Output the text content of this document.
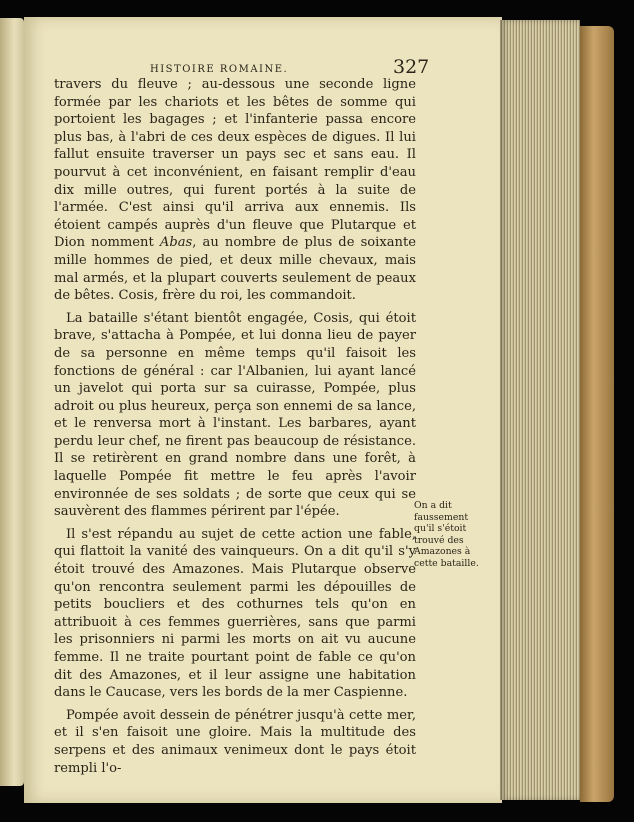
HISTOIRE ROMAINE.	327

travers du fleuve ; au-dessous une seconde ligne formée par les chariots et les bêtes de somme qui portoient les bagages ; et l'infanterie passa encore plus bas, à l'abri de ces deux espèces de digues. Il lui fallut ensuite traverser un pays sec et sans eau. Il pourvut à cet inconvénient, en faisant remplir d'eau dix mille outres, qui furent portés à la suite de l'armée. C'est ainsi qu'il arriva aux ennemis. Ils étoient campés auprès d'un fleuve que Plutarque et Dion nomment Abas, au nombre de plus de soixante mille hommes de pied, et deux mille chevaux, mais mal armés, et la plupart couverts seulement de peaux de bêtes. Cosis, frère du roi, les commandoit.

La bataille s'étant bientôt engagée, Cosis, qui étoit brave, s'attacha à Pompée, et lui donna lieu de payer de sa personne en même temps qu'il faisoit les fonctions de général : car l'Albanien, lui ayant lancé un javelot qui porta sur sa cuirasse, Pompée, plus adroit ou plus heureux, perça son ennemi de sa lance, et le renversa mort à l'instant. Les barbares, ayant perdu leur chef, ne firent pas beaucoup de résistance. Il se retirèrent en grand nombre dans une forêt, à laquelle Pompée fit mettre le feu après l'avoir environnée de ses soldats ; de sorte que ceux qui se sauvèrent des flammes périrent par l'épée.

Il s'est répandu au sujet de cette action une fable, qui flattoit la vanité des vainqueurs. On a dit qu'il s'y étoit trouvé des Amazones. Mais Plutarque observe qu'on rencontra seulement parmi les dépouilles de petits boucliers et des cothurnes tels qu'on en attribuoit à ces femmes guerrières, sans que parmi les prisonniers ni parmi les morts on ait vu aucune femme. Il ne traite pourtant point de fable ce qu'on dit des Amazones, et il leur assigne une habitation dans le Caucase, vers les bords de la mer Caspienne.

Pompée avoit dessein de pénétrer jusqu'à cette mer, et il s'en faisoit une gloire. Mais la multitude des serpens et des animaux venimeux dont le pays étoit rempli l'o-

On a dit faussement qu'il s'étoit trouvé des Amazones à cette bataille.
